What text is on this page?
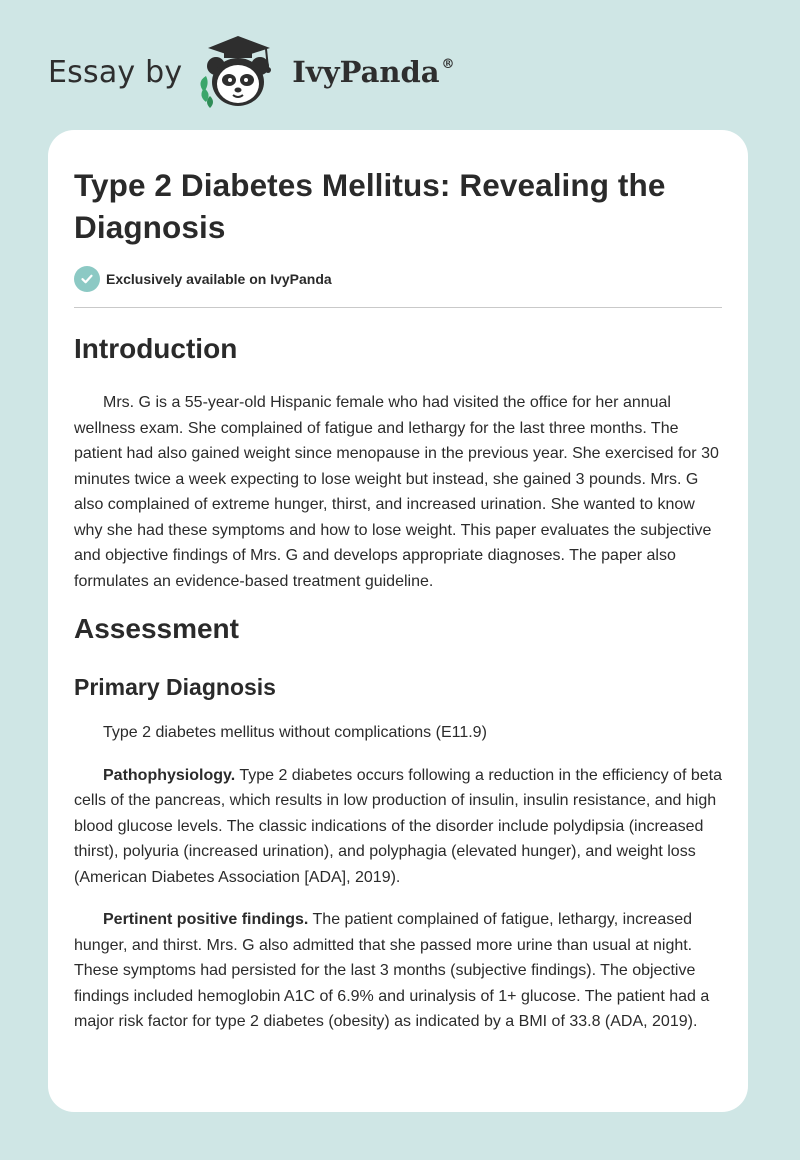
Essay by	IvyPanda ®
Type 2 Diabetes Mellitus: Revealing the Diagnosis
Exclusively available on IvyPanda
Introduction

Mrs. G is a 55-year-old Hispanic female who had visited the office for her annual wellness exam. She complained of fatigue and lethargy for the last three months. The patient had also gained weight since menopause in the previous year. She exercised for 30 minutes twice a week expecting to lose weight but instead, she gained 3 pounds. Mrs. G also complained of extreme hunger, thirst, and increased urination. She wanted to know why she had these symptoms and how to lose weight. This paper evaluates the subjective and objective findings of Mrs. G and develops appropriate diagnoses. The paper also formulates an evidence-based treatment guideline.

Assessment
Primary Diagnosis

Type 2 diabetes mellitus without complications (E11.9)

Pathophysiology. Type 2 diabetes occurs following a reduction in the efficiency of beta cells of the pancreas, which results in low production of insulin, insulin resistance, and high blood glucose levels. The classic indications of the disorder include polydipsia (increased thirst), polyuria (increased urination), and polyphagia (elevated hunger), and weight loss (American Diabetes Association [ADA], 2019).

Pertinent positive findings. The patient complained of fatigue, lethargy, increased hunger, and thirst. Mrs. G also admitted that she passed more urine than usual at night. These symptoms had persisted for the last 3 months (subjective findings). The objective findings included hemoglobin A1C of 6.9% and urinalysis of 1+ glucose. The patient had a major risk factor for type 2 diabetes (obesity) as indicated by a BMI of 33.8 (ADA, 2019).
